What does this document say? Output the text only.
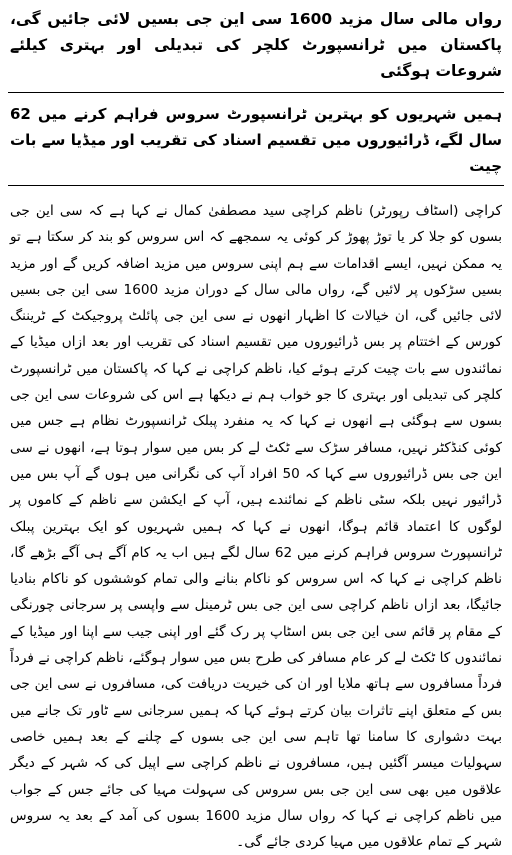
رواں مالی سال مزید 1600 سی این جی بسیں لائی جائیں گی، پاکستان میں ٹرانسپورٹ کلچر کی تبدیلی اور بہتری کیلئے شروعات ہوگئی
ہمیں شہریوں کو بہترین ٹرانسپورٹ سروس فراہم کرنے میں 62 سال لگے، ڈرائیوروں میں تقسیم اسناد کی تقریب اور میڈیا سے بات چیت

کراچی (اسٹاف رپورٹر) ناظم کراچی سید مصطفیٰ کمال نے کہا ہے کہ سی این جی بسوں کو جلا کر یا توڑ پھوڑ کر کوئی یہ سمجھے کہ اس سروس کو بند کر سکتا ہے تو یہ ممکن نہیں، ایسے اقدامات سے ہم اپنی سروس میں مزید اضافہ کریں گے اور مزید بسیں سڑکوں پر لائیں گے، رواں مالی سال کے دوران مزید 1600 سی این جی بسیں لائی جائیں گی، ان خیالات کا اظہار انھوں نے سی این جی پائلٹ پروجیکٹ کے ٹریننگ کورس کے اختتام پر بس ڈرائیوروں میں تقسیم اسناد کی تقریب اور بعد ازاں میڈیا کے نمائندوں سے بات چیت کرتے ہوئے کیا، ناظم کراچی نے کہا کہ پاکستان میں ٹرانسپورٹ کلچر کی تبدیلی اور بہتری کا جو خواب ہم نے دیکھا ہے اس کی شروعات سی این جی بسوں سے ہوگئی ہے انھوں نے کہا کہ یہ منفرد پبلک ٹرانسپورٹ نظام ہے جس میں کوئی کنڈکٹر نہیں، مسافر سڑک سے ٹکٹ لے کر بس میں سوار ہوتا ہے، انھوں نے سی این جی بس ڈرائیوروں سے کہا کہ 50 افراد آپ کی نگرانی میں ہوں گے آپ بس میں ڈرائیور نہیں بلکہ سٹی ناظم کے نمائندے ہیں، آپ کے ایکشن سے ناظم کے کاموں پر لوگوں کا اعتماد قائم ہوگا، انھوں نے کہا کہ ہمیں شہریوں کو ایک بہترین پبلک ٹرانسپورٹ سروس فراہم کرنے میں 62 سال لگے ہیں اب یہ کام آگے ہی آگے بڑھے گا، ناظم کراچی نے کہا کہ اس سروس کو ناکام بنانے والی تمام کوششوں کو ناکام بنادیا جائیگا، بعد ازاں ناظم کراچی سی این جی بس ٹرمینل سے واپسی پر سرجانی چورنگی کے مقام پر قائم سی این جی بس اسٹاپ پر رک گئے اور اپنی جیب سے اپنا اور میڈیا کے نمائندوں کا ٹکٹ لے کر عام مسافر کی طرح بس میں سوار ہوگئے، ناظم کراچی نے فرداً فرداً مسافروں سے ہاتھ ملایا اور ان کی خیریت دریافت کی، مسافروں نے سی این جی بس کے متعلق اپنے تاثرات بیان کرتے ہوئے کہا کہ ہمیں سرجانی سے ٹاور تک جانے میں بہت دشواری کا سامنا تھا تاہم سی این جی بسوں کے چلنے کے بعد ہمیں خاصی سہولیات میسر آگئیں ہیں، مسافروں نے ناظم کراچی سے اپیل کی کہ شہر کے دیگر علاقوں میں بھی سی این جی بس سروس کی سہولت مہیا کی جائے جس کے جواب میں ناظم کراچی نے کہا کہ رواں سال مزید 1600 بسوں کی آمد کے بعد یہ سروس شہر کے تمام علاقوں میں مہیا کردی جائے گی۔
